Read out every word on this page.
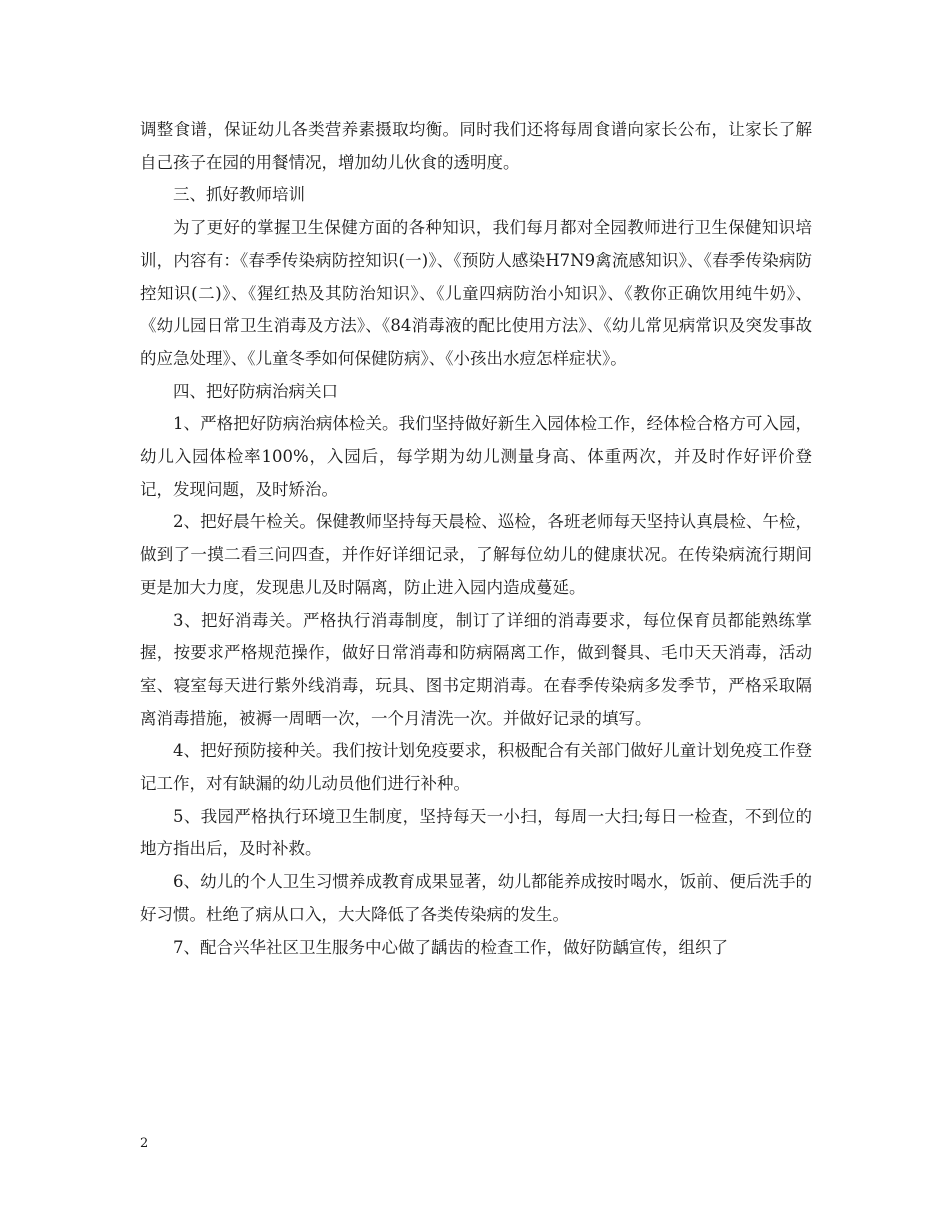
调整食谱，保证幼儿各类营养素摄取均衡。同时我们还将每周食谱向家长公布，让家长了解自己孩子在园的用餐情况，增加幼儿伙食的透明度。

三、抓好教师培训

为了更好的掌握卫生保健方面的各种知识，我们每月都对全园教师进行卫生保健知识培训，内容有：《春季传染病防控知识(一)》、《预防人感染H7N9禽流感知识》、《春季传染病防控知识(二)》、《猩红热及其防治知识》、《儿童四病防治小知识》、《教你正确饮用纯牛奶》、《幼儿园日常卫生消毒及方法》、《84消毒液的配比使用方法》、《幼儿常见病常识及突发事故的应急处理》、《儿童冬季如何保健防病》、《小孩出水痘怎样症状》。

四、把好防病治病关口

1、严格把好防病治病体检关。我们坚持做好新生入园体检工作，经体检合格方可入园，幼儿入园体检率100%，入园后，每学期为幼儿测量身高、体重两次，并及时作好评价登记，发现问题，及时矫治。

2、把好晨午检关。保健教师坚持每天晨检、巡检，各班老师每天坚持认真晨检、午检，做到了一摸二看三问四查，并作好详细记录，了解每位幼儿的健康状况。在传染病流行期间更是加大力度，发现患儿及时隔离，防止进入园内造成蔓延。

3、把好消毒关。严格执行消毒制度，制订了详细的消毒要求，每位保育员都能熟练掌握，按要求严格规范操作，做好日常消毒和防病隔离工作，做到餐具、毛巾天天消毒，活动室、寝室每天进行紫外线消毒，玩具、图书定期消毒。在春季传染病多发季节，严格采取隔离消毒措施，被褥一周晒一次，一个月清洗一次。并做好记录的填写。

4、把好预防接种关。我们按计划免疫要求，积极配合有关部门做好儿童计划免疫工作登记工作，对有缺漏的幼儿动员他们进行补种。

5、我园严格执行环境卫生制度，坚持每天一小扫，每周一大扫;每日一检查，不到位的地方指出后，及时补救。

6、幼儿的个人卫生习惯养成教育成果显著，幼儿都能养成按时喝水，饭前、便后洗手的好习惯。杜绝了病从口入，大大降低了各类传染病的发生。

7、配合兴华社区卫生服务中心做了龋齿的检查工作，做好防龋宣传，组织了

2
